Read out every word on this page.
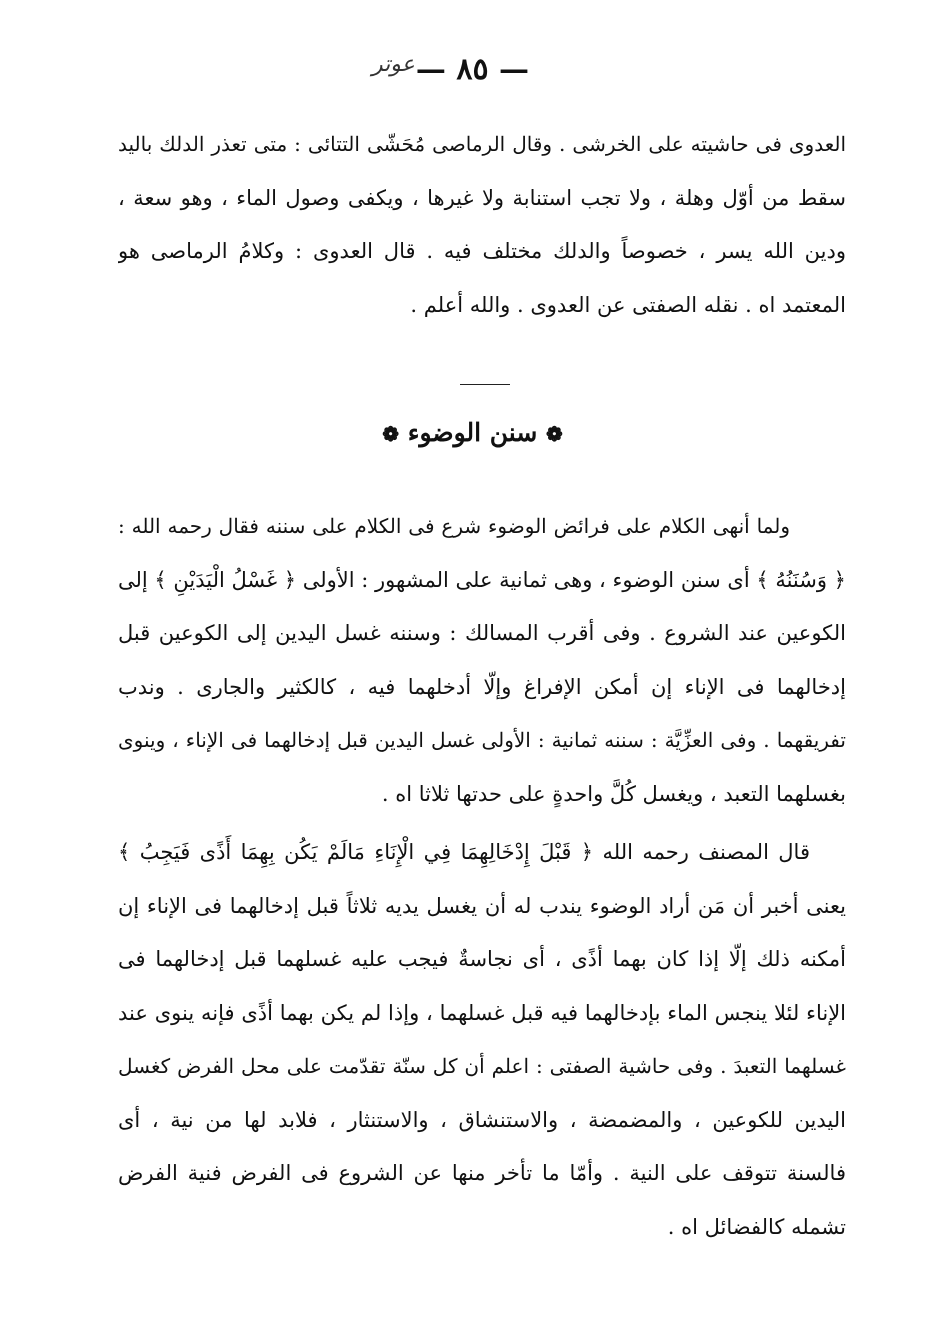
— ٨٥ —
ﻋﻮﺗﺮ
العدوى فى حاشيته على الخرشى . وقال الرماصى مُحَشّى التتائى : متى تعذر الدلك باليد
سقط من أوّل وهلة ، ولا تجب استنابة ولا غيرها ، ويكفى وصول الماء ، وهو سعة ،
ودين الله يسر ، خصوصاً والدلك مختلف فيه . قال العدوى : وكلامُ الرماصى هو
المعتمد اه . نقله الصفتى عن العدوى . والله أعلم .
❁ سنن الوضوء ❁
ولما أنهى الكلام على فرائض الوضوء شرع فى الكلام على سننه فقال رحمه الله :
﴿ وَسُنَنُهُ ﴾ أى سنن الوضوء ، وهى ثمانية على المشهور : الأولى ﴿ غَسْلُ الْيَدَيْنِ ﴾ إلى
الكوعين عند الشروع . وفى أقرب المسالك : وسننه غسل اليدين إلى الكوعين قبل
إدخالهما فى الإناء إن أمكن الإفراغ وإلّا أدخلهما فيه ، كالكثير والجارى . وندب
تفريقهما . وفى العزِّيَّة : سننه ثمانية : الأولى غسل اليدين قبل إدخالهما فى الإناء ، وينوى
بغسلهما التعبد ، ويغسل كُلَّ واحدةٍ على حدتها ثلاثا اه .
قال المصنف رحمه الله ﴿ قَبْلَ إِدْخَالِهِمَا فِي الْإِنَاءِ مَالَمْ يَكُن بِهِمَا أَذًى فَيَجِبُ ﴾
يعنى أخبر أن مَن أراد الوضوء يندب له أن يغسل يديه ثلاثاً قبل إدخالهما فى الإناء إن
أمكنه ذلك إلّا إذا كان بهما أذًى ، أى نجاسةٌ فيجب عليه غسلهما قبل إدخالهما فى
الإناء لئلا ينجس الماء بإدخالهما فيه قبل غسلهما ، وإذا لم يكن بهما أذًى فإنه ينوى عند
غسلهما التعبدَ . وفى حاشية الصفتى : اعلم أن كل سنّة تقدّمت على محل الفرض كغسل
اليدين للكوعين ، والمضمضة ، والاستنشاق ، والاستنثار ، فلابد لها من نية ، أى
فالسنة تتوقف على النية . وأمّا ما تأخر منها عن الشروع فى الفرض فنية الفرض
تشمله كالفضائل اه .
